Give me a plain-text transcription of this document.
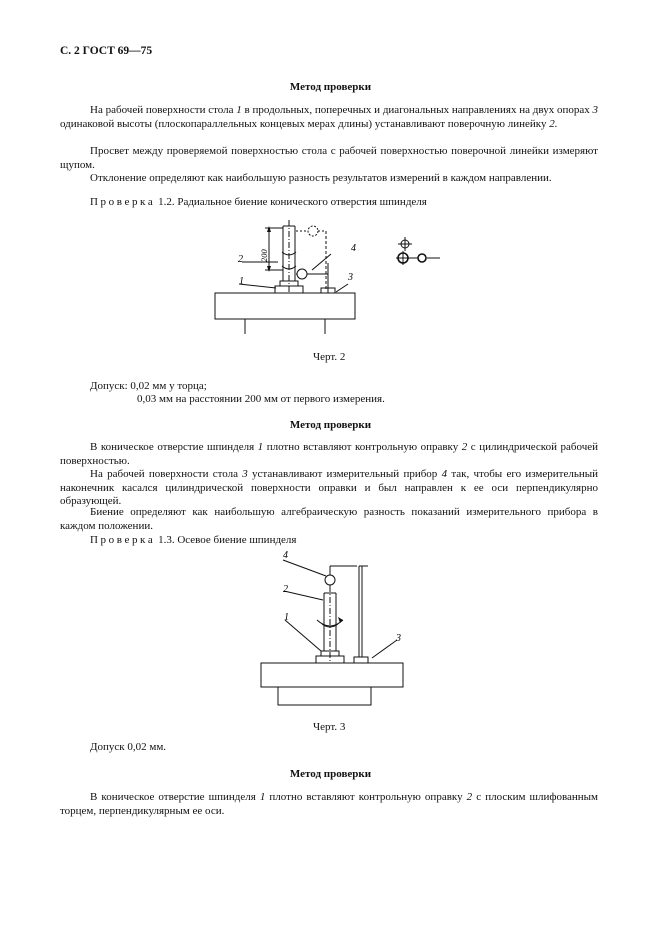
С. 2 ГОСТ 69—75
Метод проверки

На рабочей поверхности стола 1 в продольных, поперечных и диагональных направлениях на двух опорах 3 одинаковой высоты (плоскопараллельных концевых мерах длины) устанавливают поверочную линейку 2.

Просвет между проверяемой поверхностью стола с рабочей поверхностью поверочной линейки измеряют щупом.

Отклонение определяют как наибольшую разность результатов измерений в каждом направлении.

Проверка 1.2. Радиальное биение конического отверстия шпинделя
2
1
4
3
200
Черт. 2
Допуск: 0,02 мм у торца;
0,03 мм на расстоянии 200 мм от первого измерения.
Метод проверки

В коническое отверстие шпинделя 1 плотно вставляют контрольную оправку 2 с цилиндрической рабочей поверхностью.

На рабочей поверхности стола 3 устанавливают измерительный прибор 4 так, чтобы его измерительный наконечник касался цилиндрической поверхности оправки и был направлен к ее оси перпендикулярно образующей.

Биение определяют как наибольшую алгебраическую разность показаний измерительного прибора в каждом положении.

Проверка 1.3. Осевое биение шпинделя
4
2
1
3
Черт. 3
Допуск 0,02 мм.
Метод проверки

В коническое отверстие шпинделя 1 плотно вставляют контрольную оправку 2 с плоским шлифованным торцем, перпендикулярным ее оси.
